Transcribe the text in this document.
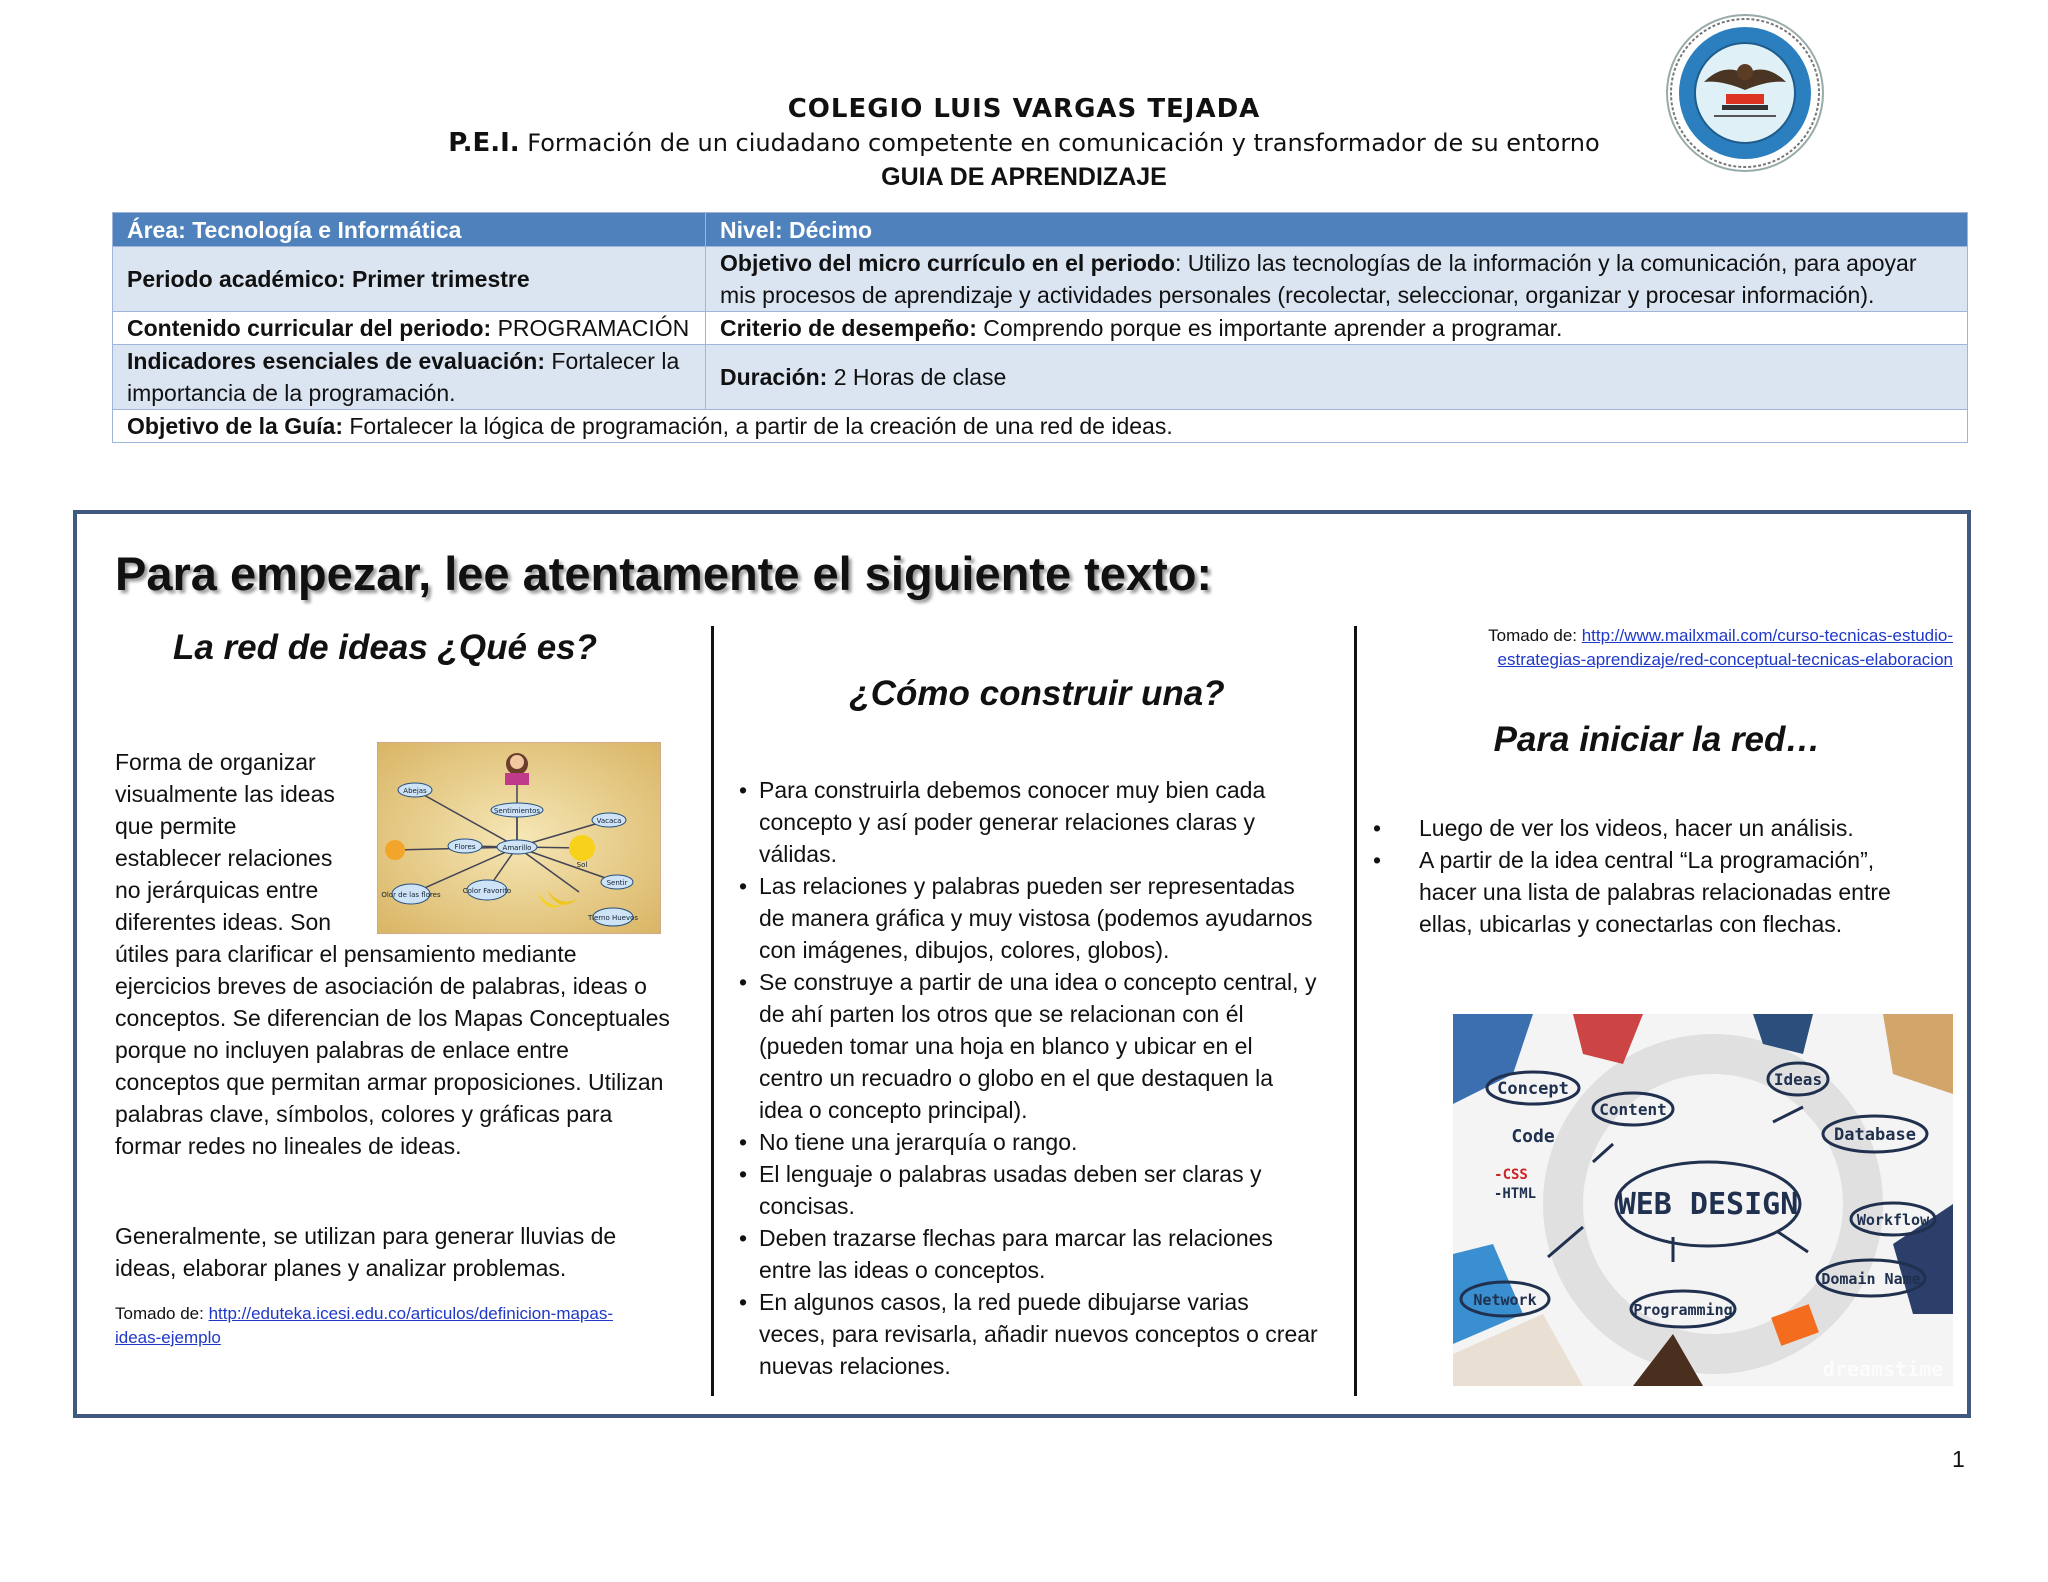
COLEGIO LUIS VARGAS TEJADA
P.E.I. Formación de un ciudadano competente en comunicación y transformador de su entorno
GUIA DE APRENDIZAJE
Área: Tecnología e Informática	Nivel: Décimo
Periodo académico: Primer trimestre	Objetivo del micro currículo en el periodo: Utilizo las tecnologías de la información y la comunicación, para apoyar mis procesos de aprendizaje y actividades personales (recolectar, seleccionar, organizar y procesar información).
Contenido curricular del periodo: PROGRAMACIÓN	Criterio de desempeño: Comprendo porque es importante aprender a programar.
Indicadores esenciales de evaluación: Fortalecer la importancia de la programación.	Duración: 2 Horas de clase
Objetivo de la Guía: Fortalecer la lógica de programación, a partir de la creación de una red de ideas.	
Para empezar, lee atentamente el siguiente texto:
La red de ideas ¿Qué es?
Forma de organizar
visualmente las ideas
que permite
establecer relaciones
no jerárquicas entre
diferentes ideas. Son
Abejas
Sentimientos
Vacaca
Flores	Amarillo
Sol
Olor de las flores	Color Favorito
Sentir
Tierno Huevos
útiles para clarificar el pensamiento mediante ejercicios breves de asociación de palabras, ideas o conceptos. Se diferencian de los Mapas Conceptuales porque no incluyen palabras de enlace entre conceptos que permitan armar proposiciones. Utilizan palabras clave, símbolos, colores y gráficas para formar redes no lineales de ideas.
Generalmente, se utilizan para generar lluvias de ideas, elaborar planes y analizar problemas.
Tomado de: http://eduteka.icesi.edu.co/articulos/definicion-mapas-ideas-ejemplo
¿Cómo construir una?
• Para construirla debemos conocer muy bien cada concepto y así poder generar relaciones claras y válidas.
• Las relaciones y palabras pueden ser representadas de manera gráfica y muy vistosa (podemos ayudarnos con imágenes, dibujos, colores, globos).
• Se construye a partir de una idea o concepto central, y de ahí parten los otros que se relacionan con él (pueden tomar una hoja en blanco y ubicar en el centro un recuadro o globo en el que destaquen la idea o concepto principal).
• No tiene una jerarquía o rango.
• El lenguaje o palabras usadas deben ser claras y concisas.
• Deben trazarse flechas para marcar las relaciones entre las ideas o conceptos.
• En algunos casos, la red puede dibujarse varias veces, para revisarla, añadir nuevos conceptos o crear nuevas relaciones.
Tomado de: http://www.mailxmail.com/curso-tecnicas-estudio-
estrategias-aprendizaje/red-conceptual-tecnicas-elaboracion
Para iniciar la red…
• Luego de ver los videos, hacer un análisis.
• A partir de la idea central “La programación”, hacer una lista de palabras relacionadas entre ellas, ubicarlas y conectarlas con flechas.
Concept
Content
Ideas
Code	Database
WEB DESIGN
-CSS
-HTML
Workflow
Network
Programming
Domain Name
dreamstime
1
